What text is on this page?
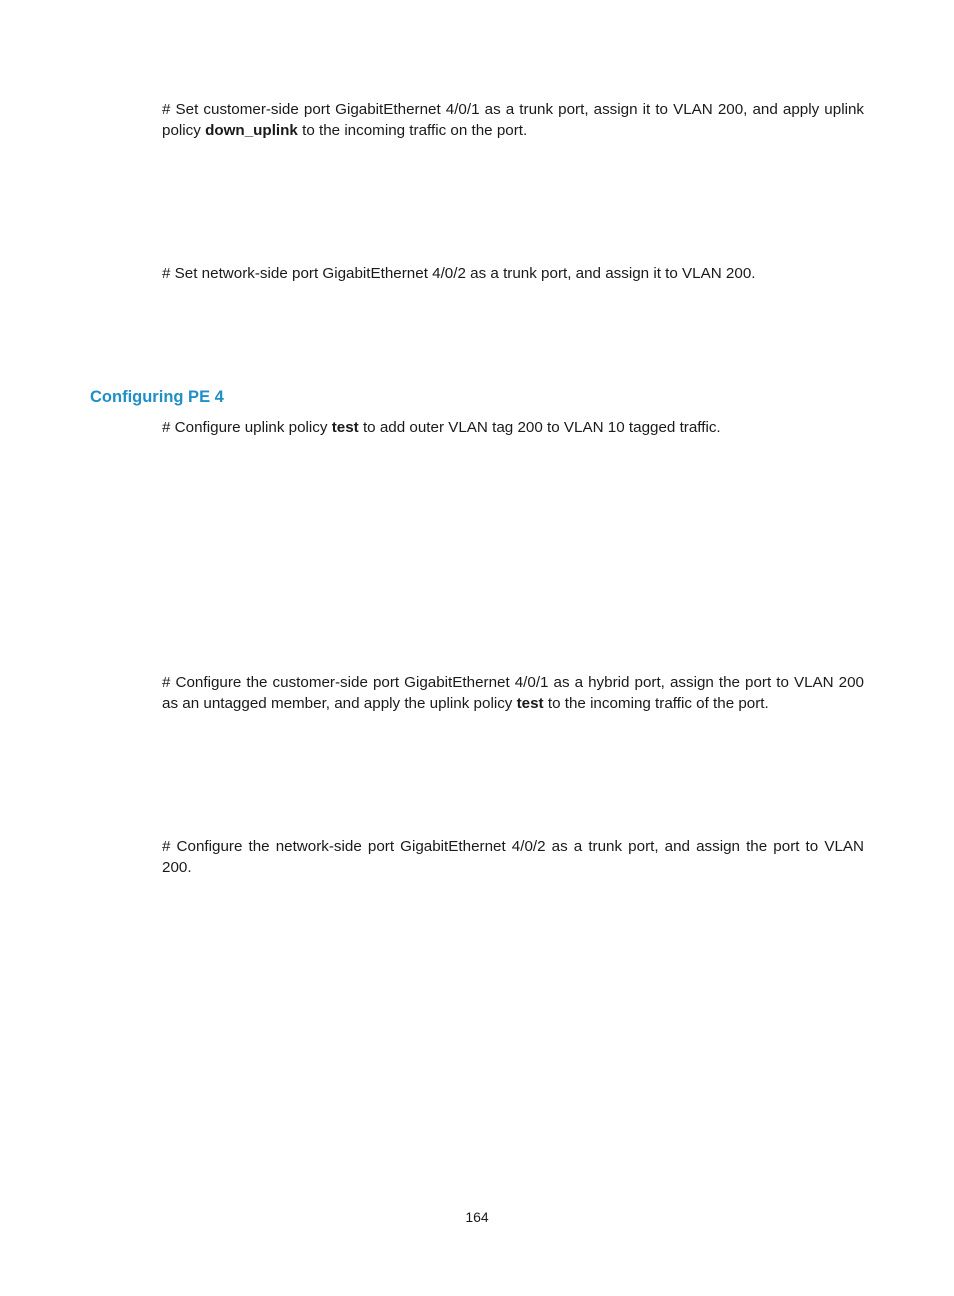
# Set customer-side port GigabitEthernet 4/0/1 as a trunk port, assign it to VLAN 200, and apply uplink policy down_uplink to the incoming traffic on the port.

# Set network-side port GigabitEthernet 4/0/2 as a trunk port, and assign it to VLAN 200.

Configuring PE 4

# Configure uplink policy test to add outer VLAN tag 200 to VLAN 10 tagged traffic.

# Configure the customer-side port GigabitEthernet 4/0/1 as a hybrid port, assign the port to VLAN 200 as an untagged member, and apply the uplink policy test to the incoming traffic of the port.

# Configure the network-side port GigabitEthernet 4/0/2 as a trunk port, and assign the port to VLAN 200.

164
